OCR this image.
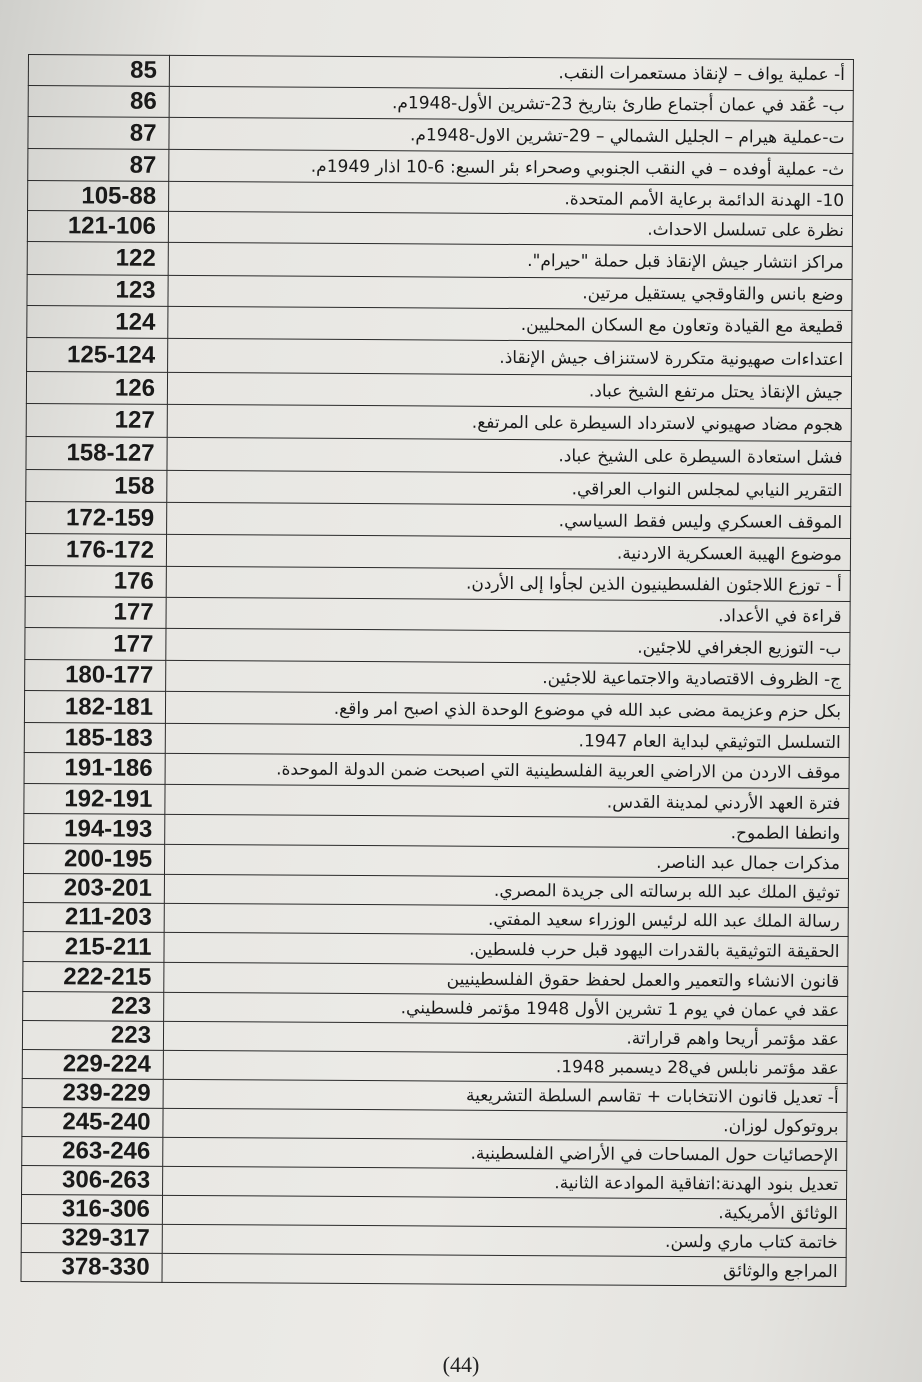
85	أ- عملية يواف – لإنقاذ مستعمرات النقب.
86	ب- عُقد في عمان أجتماع طارئ بتاريخ 23-تشرين الأول-1948م.
87	ت-عملية هيرام – الجليل الشمالي – 29-تشرين الاول-1948م.
87	ث- عملية أوفده – في النقب الجنوبي وصحراء بئر السبع: 6-10 اذار 1949م.
105-88	10- الهدنة الدائمة برعاية الأمم المتحدة.
121-106	نظرة على تسلسل الاحداث.
122	مراكز انتشار جيش الإنقاذ قبل حملة "حيرام".
123	وضع بانس والقاوقجي يستقيل مرتين.
124	قطيعة مع القيادة وتعاون مع السكان المحليين.
125-124	اعتداءات صهيونية متكررة لاستنزاف جيش الإنقاذ.
126	جيش الإنقاذ يحتل مرتفع الشيخ عباد.
127	هجوم مضاد صهيوني لاسترداد السيطرة على المرتفع.
158-127	فشل استعادة السيطرة على الشيخ عباد.
158	التقرير النيابي لمجلس النواب العراقي.
172-159	الموقف العسكري وليس فقط السياسي.
176-172	موضوع الهيبة العسكرية الاردنية.
176	أ - توزع اللاجئون الفلسطينيون الذين لجأوا إلى الأردن.
177	قراءة في الأعداد.
177	ب- التوزيع الجغرافي للاجئين.
180-177	ج- الظروف الاقتصادية والاجتماعية للاجئين.
182-181	بكل حزم وعزيمة مضى عبد الله في موضوع الوحدة الذي اصبح امر واقع.
185-183	التسلسل التوثيقي لبداية العام 1947.
191-186	موقف الاردن من الاراضي العربية الفلسطينية التي اصبحت ضمن الدولة الموحدة.
192-191	فترة العهد الأردني لمدينة القدس.
194-193	وانطفا الطموح.
200-195	مذكرات جمال عبد الناصر.
203-201	توثيق الملك عبد الله برسالته الى جريدة المصري.
211-203	رسالة الملك عبد الله لرئيس الوزراء سعيد المفتي.
215-211	الحقيقة التوثيقية بالقدرات اليهود قبل حرب فلسطين.
222-215	قانون الانشاء والتعمير والعمل لحفظ حقوق الفلسطينيين
223	عقد في عمان في يوم 1 تشرين الأول 1948 مؤتمر فلسطيني.
223	عقد مؤتمر أريحا واهم قراراتة.
229-224	عقد مؤتمر نابلس في28 ديسمبر 1948.
239-229	أ- تعديل قانون الانتخابات + تقاسم السلطة التشريعية
245-240	بروتوكول لوزان.
263-246	الإحصائيات حول المساحات في الأراضي الفلسطينية.
306-263	تعديل بنود الهدنة:اتفاقية الموادعة الثانية.
316-306	الوثائق الأمريكية.
329-317	خاتمة كتاب ماري ولسن.
378-330	المراجع والوثائق
(44)
